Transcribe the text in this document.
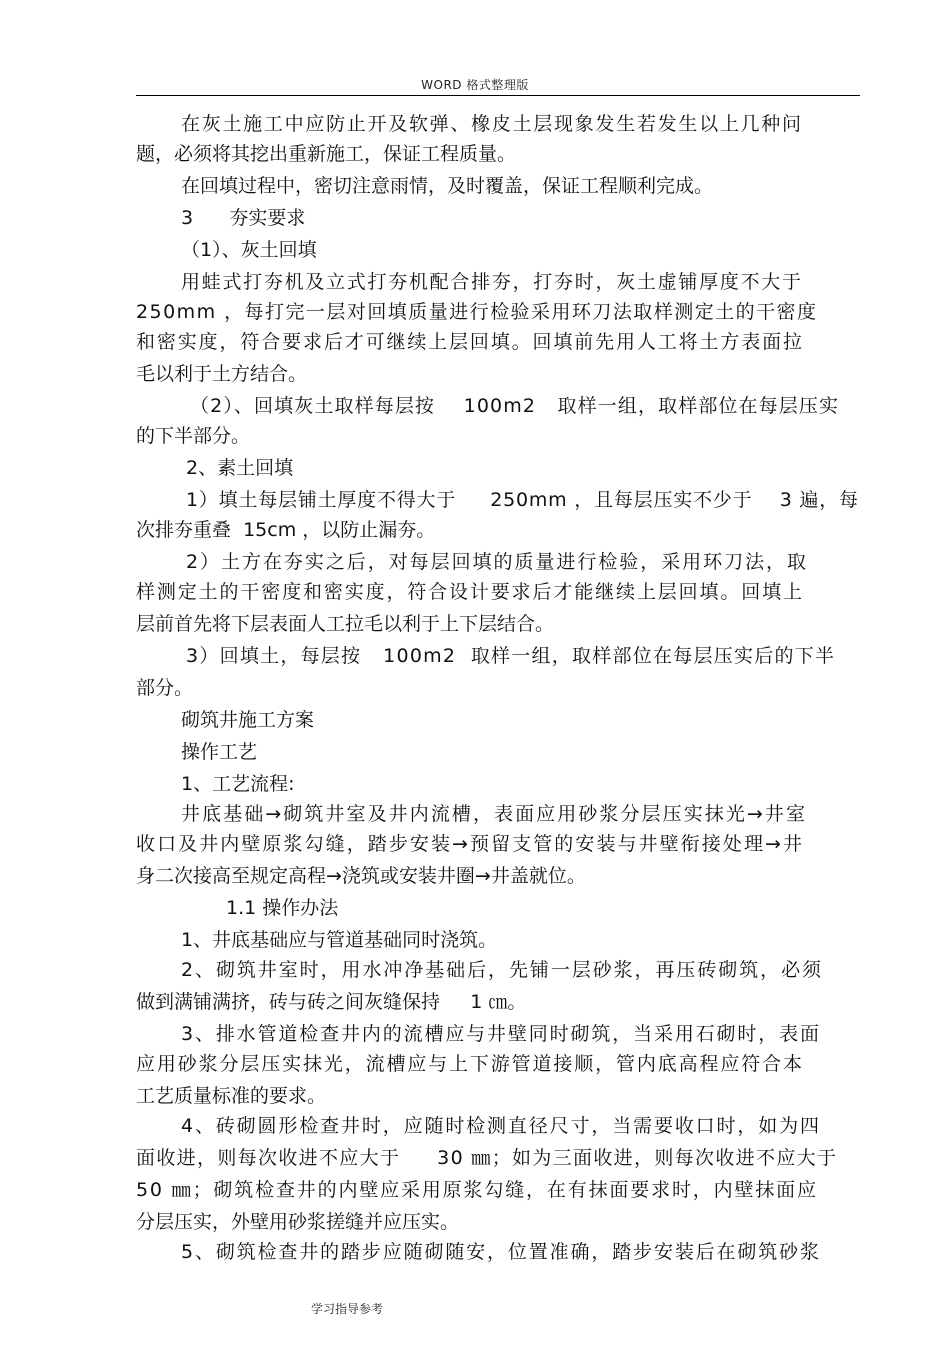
WORD 格式整理版
在灰土施工中应防止开及软弹、橡皮土层现象发生若发生以上几种问
题，必须将其挖出重新施工，保证工程质量。
在回填过程中，密切注意雨情，及时覆盖，保证工程顺利完成。
3      夯实要求
（1）、灰土回填
用蛙式打夯机及立式打夯机配合排夯，打夯时，灰土虚铺厚度不大于
250mm ，每打完一层对回填质量进行检验采用环刀法取样测定土的干密度
和密实度，符合要求后才可继续上层回填。回填前先用人工将土方表面拉
毛以利于土方结合。
（2）、回填灰土取样每层按    100m2   取样一组，取样部位在每层压实
的下半部分。
2、素土回填
1）填土每层铺土厚度不得大于     250mm ，且每层压实不少于    3 遍，每
次排夯重叠  15cm ，以防止漏夯。
2）土方在夯实之后，对每层回填的质量进行检验，采用环刀法，取
样测定土的干密度和密实度，符合设计要求后才能继续上层回填。回填上
层前首先将下层表面人工拉毛以利于上下层结合。
3）回填土，每层按   100m2  取样一组，取样部位在每层压实后的下半
部分。
砌筑井施工方案
操作工艺
1、工艺流程:
井底基础→砌筑井室及井内流槽，表面应用砂浆分层压实抹光→井室
收口及井内壁原浆勾缝，踏步安装→预留支管的安装与井壁衔接处理→井
身二次接高至规定高程→浇筑或安装井圈→井盖就位。
1.1 操作办法
1、井底基础应与管道基础同时浇筑。
2、砌筑井室时，用水冲净基础后，先铺一层砂浆，再压砖砌筑，必须
做到满铺满挤，砖与砖之间灰缝保持     1 ㎝。
3、排水管道检查井内的流槽应与井壁同时砌筑，当采用石砌时，表面
应用砂浆分层压实抹光，流槽应与上下游管道接顺，管内底高程应符合本
工艺质量标准的要求。
4、砖砌圆形检查井时，应随时检测直径尺寸，当需要收口时，如为四
面收进，则每次收进不应大于     30 ㎜；如为三面收进，则每次收进不应大于
50 ㎜；砌筑检查井的内壁应采用原浆勾缝，在有抹面要求时，内壁抹面应
分层压实，外壁用砂浆搓缝并应压实。
5、砌筑检查井的踏步应随砌随安，位置准确，踏步安装后在砌筑砂浆
学习指导参考
